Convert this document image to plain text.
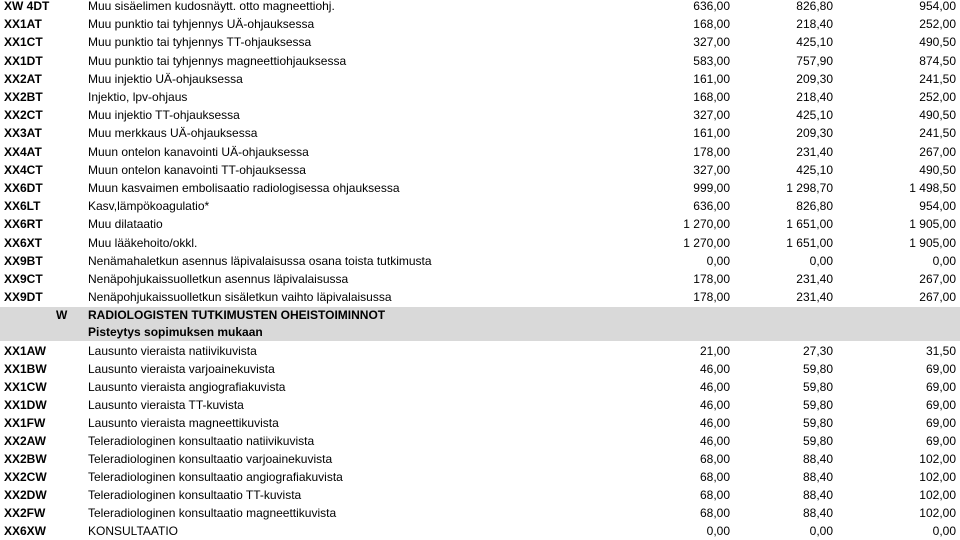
XW 4DT	Muu sisäelimen kudosnäytt. otto magneettiohj.	636,00	826,80	954,00
XX1AT	Muu punktio tai tyhjennys UÄ-ohjauksessa	168,00	218,40	252,00
XX1CT	Muu punktio tai tyhjennys TT-ohjauksessa	327,00	425,10	490,50
XX1DT	Muu punktio tai tyhjennys magneettiohjauksessa	583,00	757,90	874,50
XX2AT	Muu injektio UÄ-ohjauksessa	161,00	209,30	241,50
XX2BT	Injektio, lpv-ohjaus	168,00	218,40	252,00
XX2CT	Muu injektio TT-ohjauksessa	327,00	425,10	490,50
XX3AT	Muu merkkaus UÄ-ohjauksessa	161,00	209,30	241,50
XX4AT	Muun ontelon kanavointi UÄ-ohjauksessa	178,00	231,40	267,00
XX4CT	Muun ontelon kanavointi TT-ohjauksessa	327,00	425,10	490,50
XX6DT	Muun kasvaimen embolisaatio radiologisessa ohjauksessa	999,00	1 298,70	1 498,50
XX6LT	Kasv,lämpökoagulatio*	636,00	826,80	954,00
XX6RT	Muu dilataatio	1 270,00	1 651,00	1 905,00
XX6XT	Muu lääkehoito/okkl.	1 270,00	1 651,00	1 905,00
XX9BT	Nenämahaletkun asennus läpivalaisussa osana toista tutkimusta	0,00	0,00	0,00
XX9CT	Nenäpohjukaissuolletkun asennus läpivalaisussa	178,00	231,40	267,00
XX9DT	Nenäpohjukaissuolletkun sisäletkun vaihto läpivalaisussa	178,00	231,40	267,00
W RADIOLOGISTEN TUTKIMUSTEN OHEISTOIMINNOT
Pisteytys sopimuksen mukaan
XX1AW	Lausunto vieraista natiivikuvista	21,00	27,30	31,50
XX1BW	Lausunto vieraista varjoainekuvista	46,00	59,80	69,00
XX1CW	Lausunto vieraista angiografiakuvista	46,00	59,80	69,00
XX1DW	Lausunto vieraista TT-kuvista	46,00	59,80	69,00
XX1FW	Lausunto vieraista magneettikuvista	46,00	59,80	69,00
XX2AW	Teleradiologinen konsultaatio natiivikuvista	46,00	59,80	69,00
XX2BW	Teleradiologinen konsultaatio varjoainekuvista	68,00	88,40	102,00
XX2CW	Teleradiologinen konsultaatio angiografiakuvista	68,00	88,40	102,00
XX2DW	Teleradiologinen konsultaatio TT-kuvista	68,00	88,40	102,00
XX2FW	Teleradiologinen konsultaatio magneettikuvista	68,00	88,40	102,00
XX6XW	KONSULTAATIO	0,00	0,00	0,00
